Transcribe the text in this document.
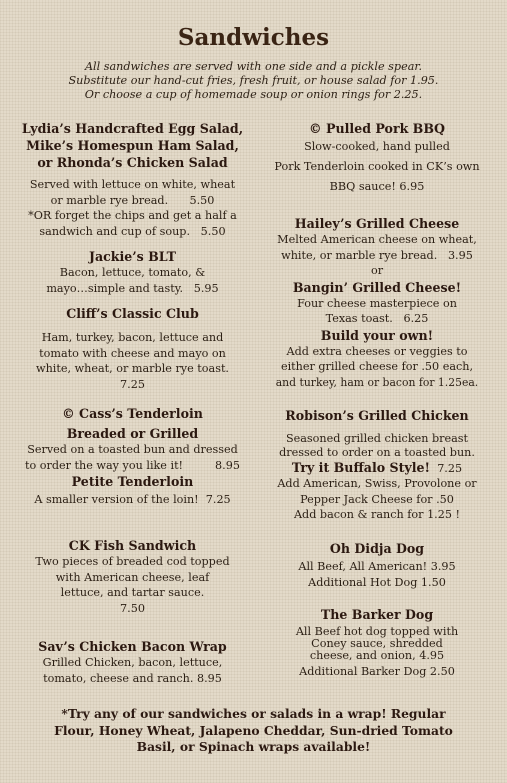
Sandwiches
All sandwiches are served with one side and a pickle spear.
Substitute our hand-cut fries, fresh fruit, or house salad for 1.95.
Or choose a cup of homemade soup or onion rings for 2.25.
Lydia’s Handcrafted Egg Salad,
Mike’s Homespun Ham Salad,
or Rhonda’s Chicken Salad
Served with lettuce on white, wheat
or marble rye bread.      5.50
*OR forget the chips and get a half a
sandwich and cup of soup.   5.50
Jackie’s BLT
Bacon, lettuce, tomato, &
mayo…simple and tasty.   5.95
Cliff’s Classic Club
Ham, turkey, bacon, lettuce and
tomato with cheese and mayo on
white, wheat, or marble rye toast.
7.25
© Cass’s Tenderloin
Breaded or Grilled
Served on a toasted bun and dressed
to order the way you like it!         8.95
Petite Tenderloin
A smaller version of the loin!  7.25
CK Fish Sandwich
Two pieces of breaded cod topped
with American cheese, leaf
lettuce, and tartar sauce.
7.50
Sav’s Chicken Bacon Wrap
Grilled Chicken, bacon, lettuce,
tomato, cheese and ranch. 8.95
© Pulled Pork BBQ
Slow-cooked, hand pulled
Pork Tenderloin cooked in CK’s own
BBQ sauce! 6.95
Hailey’s Grilled Cheese
Melted American cheese on wheat,
white, or marble rye bread.   3.95
or
Bangin’ Grilled Cheese!
Four cheese masterpiece on
Texas toast.   6.25
Build your own!
Add extra cheeses or veggies to
either grilled cheese for .50 each,
and turkey, ham or bacon for 1.25ea.
Robison’s Grilled Chicken
Seasoned grilled chicken breast
dressed to order on a toasted bun.
Try it Buffalo Style!  7.25
Add American, Swiss, Provolone or
Pepper Jack Cheese for .50
Add bacon & ranch for 1.25 !
Oh Didja Dog
All Beef, All American! 3.95
Additional Hot Dog 1.50
The Barker Dog
All Beef hot dog topped with
Coney sauce, shredded
cheese, and onion, 4.95
Additional Barker Dog 2.50
*Try any of our sandwiches or salads in a wrap! Regular
Flour, Honey Wheat, Jalapeno Cheddar, Sun-dried Tomato
Basil, or Spinach wraps available!
